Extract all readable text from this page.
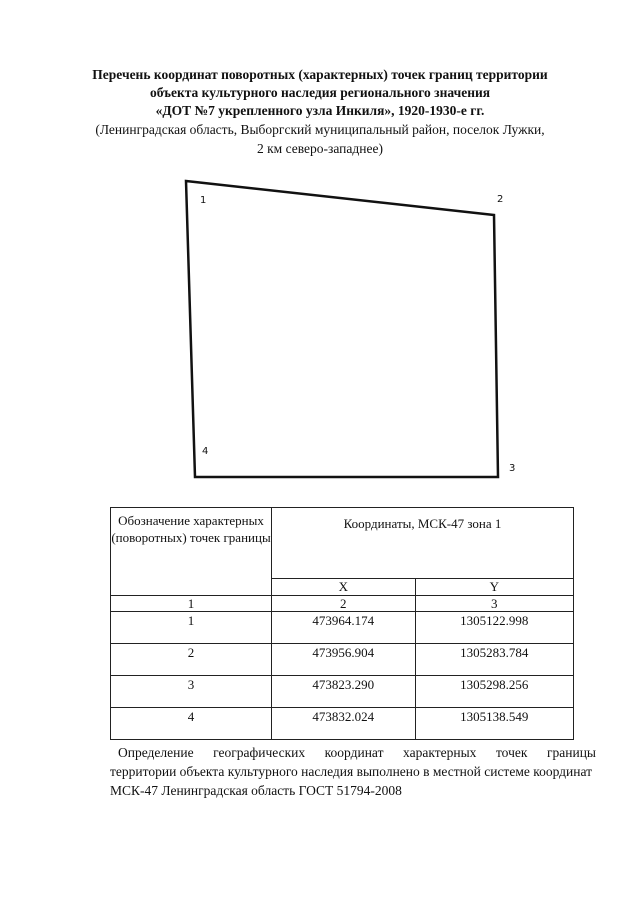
Перечень координат поворотных (характерных) точек границ территории
объекта культурного наследия регионального значения
«ДОТ №7 укрепленного узла Инкиля», 1920-1930-е гг.
(Ленинградская область, Выборгский муниципальный район, поселок Лужки,
2 км северо-западнее)
1	2
3
4
Обозначение характерных (поворотных) точек границы	Координаты, МСК-47 зона 1	
	X	Y
1	2	3
1	473964.174	1305122.998
2	473956.904	1305283.784
3	473823.290	1305298.256
4	473832.024	1305138.549
Определение географических координат характерных точек границы
территории объекта культурного наследия выполнено в местной системе координат
МСК-47 Ленинградская область ГОСТ 51794-2008
